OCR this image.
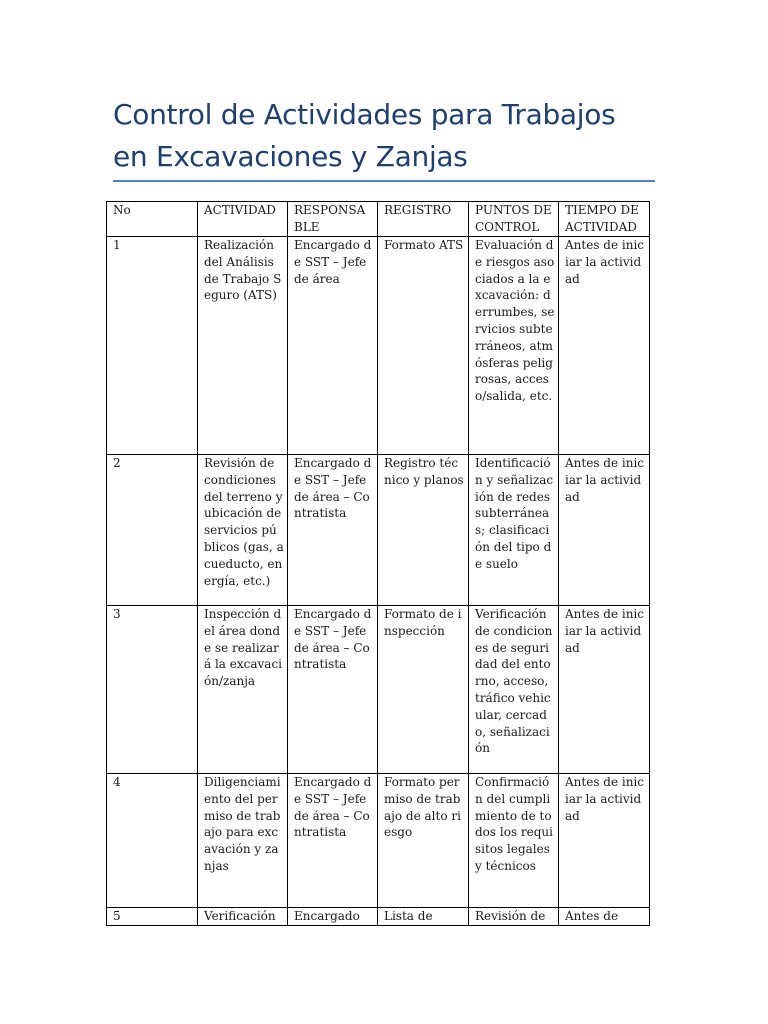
Control de Actividades para Trabajos en Excavaciones y Zanjas
No	ACTIVIDAD	RESPONSABLE	REGISTRO	PUNTOS DE CONTROL	TIEMPO DE ACTIVIDAD
1	Realización del Análisis de Trabajo Seguro (ATS)	Encargado de SST – Jefe de área	Formato ATS	Evaluación de riesgos asociados a la excavación: derrumbes, servicios subterráneos, atmósferas peligrosas, acceso/salida, etc.	Antes de iniciar la actividad
2	Revisión de condiciones del terreno y ubicación de servicios públicos (gas, acueducto, energía, etc.)	Encargado de SST – Jefe de área – Contratista	Registro técnico y planos	Identificación y señalización de redes subterráneas; clasificación del tipo de suelo	Antes de iniciar la actividad
3	Inspección del área donde se realizará la excavación/zanja	Encargado de SST – Jefe de área – Contratista	Formato de inspección	Verificación de condiciones de seguridad del entorno, acceso, tráfico vehicular, cercado, señalización	Antes de iniciar la actividad
4	Diligenciamiento del permiso de trabajo para excavación y zanjas	Encargado de SST – Jefe de área – Contratista	Formato permiso de trabajo de alto riesgo	Confirmación del cumplimiento de todos los requisitos legales y técnicos	Antes de iniciar la actividad
5	Verificación	Encargado	Lista de	Revisión de	Antes de
